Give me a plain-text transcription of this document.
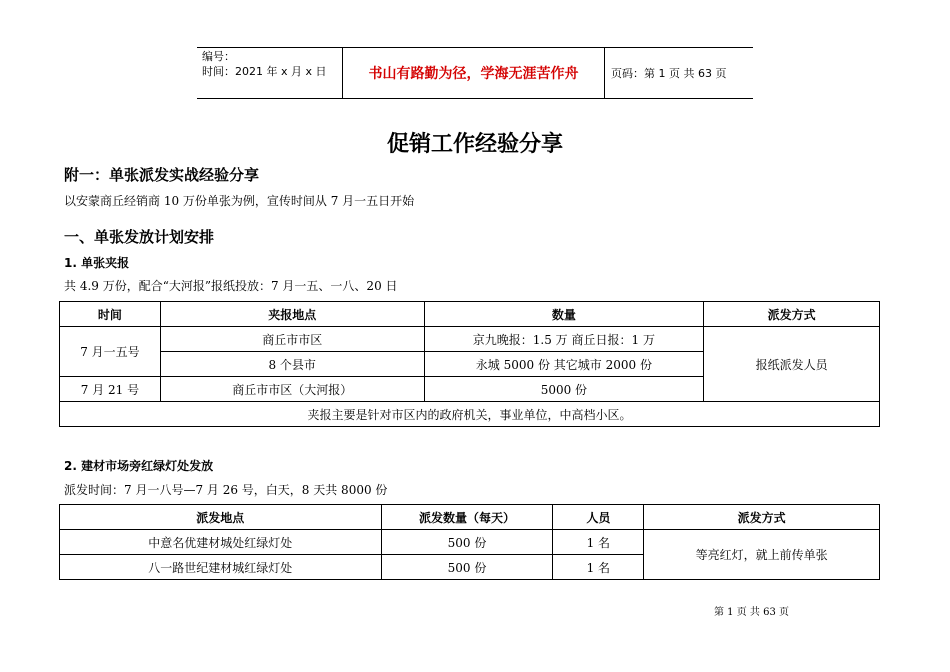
编号：
时间：2021 年 x 月 x 日	书山有路勤为径，学海无涯苦作舟	页码：第 1 页 共 63 页
促销工作经验分享
附一：单张派发实战经验分享
以安蒙商丘经销商 10 万份单张为例，宣传时间从 7 月一五日开始
一、单张发放计划安排
1. 单张夹报
共 4.9 万份，配合“大河报”报纸投放：7 月一五、一八、20 日
时间	夹报地点	数量	派发方式
7 月一五号	商丘市市区	京九晚报：1.5 万 商丘日报：1 万	报纸派发人员
	8 个县市	永城 5000 份 其它城市 2000 份	
7 月 21 号	商丘市市区（大河报）	5000 份	
夹报主要是针对市区内的政府机关，事业单位，中高档小区。			
2. 建材市场旁红绿灯处发放
派发时间：7 月一八号—7 月 26 号，白天，8 天共 8000 份
派发地点	派发数量（每天）	人员	派发方式
中意名优建材城处红绿灯处	500 份	1 名	等亮红灯，就上前传单张
八一路世纪建材城红绿灯处	500 份	1 名	
第 1 页 共 63 页
